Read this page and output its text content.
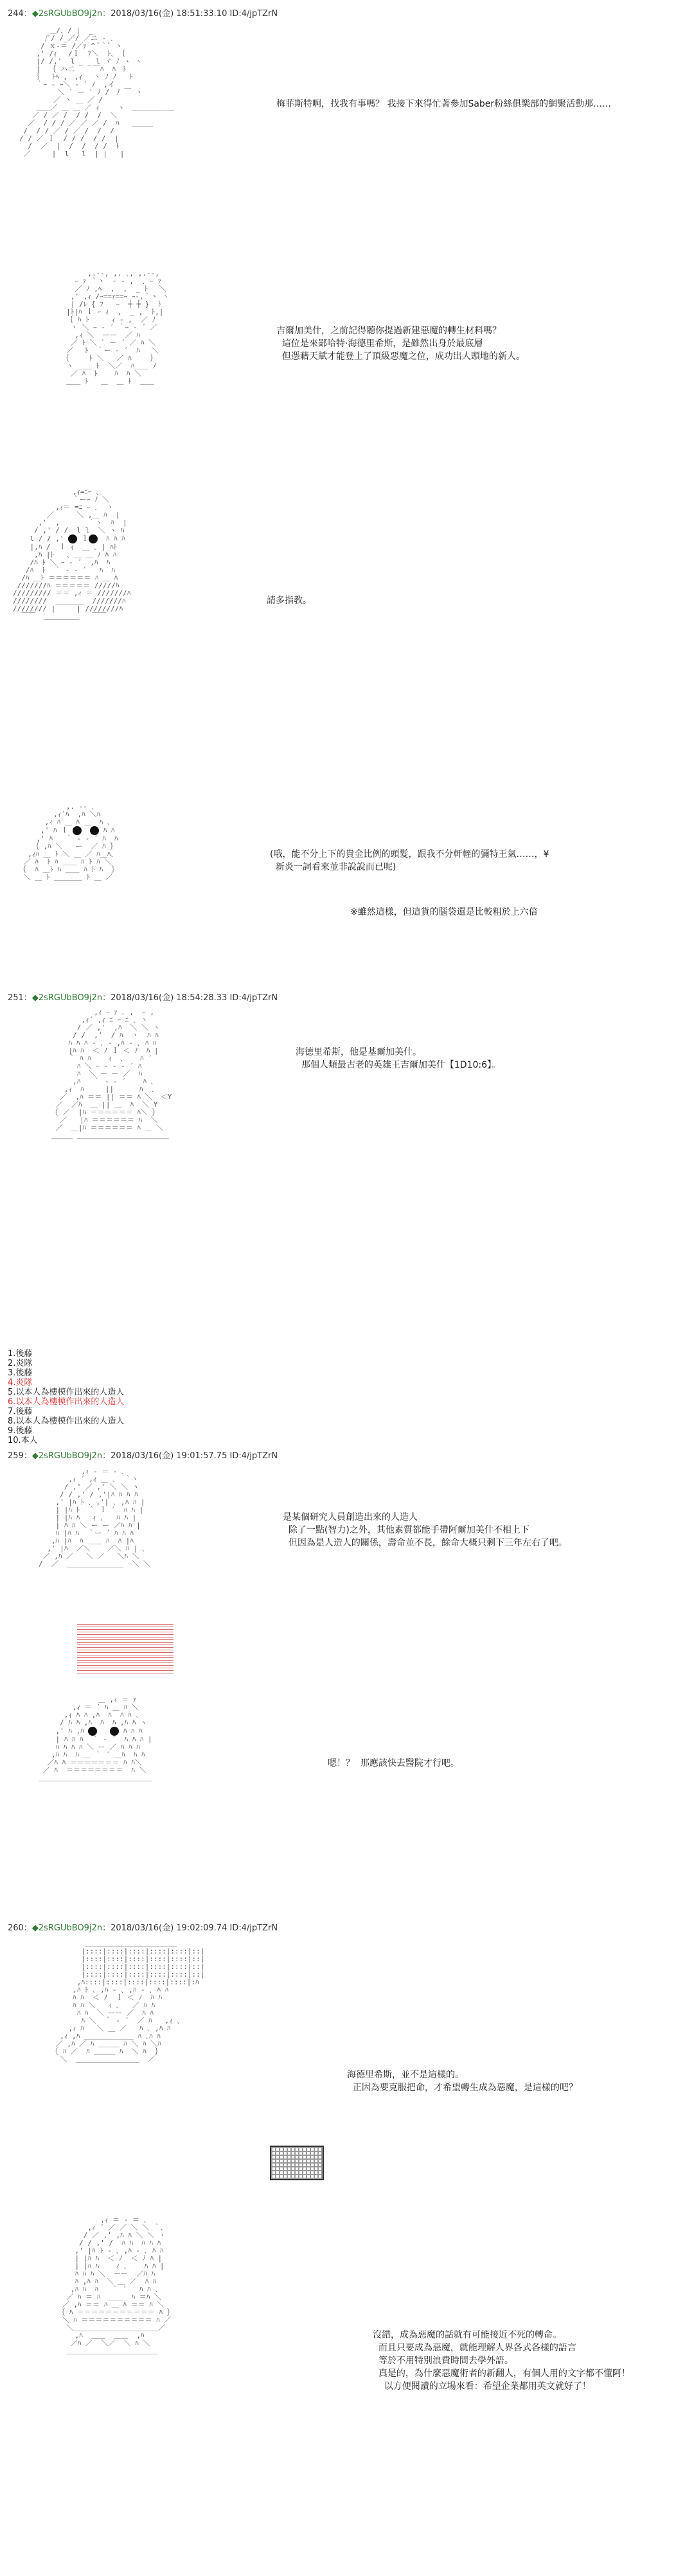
244：◆2sRGUbBO9j2n：2018/03/16(金) 18:51:33.10 ID:4/jpTZrN
＿/、/ |  _
/ﾞ/ /_／/ ／ニ ‐ ､
/ ｘ‐＝ /／ｧ ^ ﾞ｀ﾞ ヽ
,' /ｨ　 /ｌ  ｱ＼  ﾄ､ ｛
|/ /,'  l _ _ l ヾ ﾉ ヽ ヽ
|  ｛ ハ二 　　￣ﾊ  ﾊ　ﾄ
｝  ﾄﾍ ,　,ｨ　 ヽ ﾉ ﾉ   ﾄ
｀ｰ ‐ ｰ＼ ‐ ´ ﾉ  ,イ
＼ ` ー ' ﾉ /　ﾉ ￣ ヽ
／ ヽ ＿ ／ /
＿＿／ ＿ ＿ ／ ｨ　　 ヽ　＿＿＿＿＿＿
／ / ／ /  / /  /  ＼
／  / / / ／ ／ ／ /  ﾊ   ＿＿＿
/  / / ／ / ／ /  /  /
/ / ／ ｌ  / / /  / /  |
/  ／  |  /  /  / /  ﾄ
／     |  l   l  | |   |
梅菲斯特啊，找我有事嗎？ 我接下來得忙著參加Saber粉絲俱樂部的網聚活動那……
,.-‐, ,. ､, ,.-‐,
ｰ ｧ ｀ヽ  ｰ ‐ ,  ､ ｰ ｧ
／ ﾉ ,ﾍ  ,  ,  _ ﾄ　 ＼
,' ,ｨ /ｰ==ｧ==ｰ ｰ-,｀ヽ ヽ
| /ﾚ { ﾌ   ｰ  ┼ ┼ }  ﾄ
|ﾄ|ﾊ ｌ ｰ ｨ  ,  _ ,  ﾄ,|
｛ ﾊ ﾄ　  　ｨ ‐ ,  ／ ﾉ
ヽ ＼ ｰ ‐ ´ ｀ｰ ‐ ´ ／
,ｨ ＼  ーー  ／ ﾊ
／ ﾄ ＼ ` ー ´ ／ ﾊ ＼
／　 ﾄ  ｀ー ‐ ´  ﾊ　 ＼
｛  　 ﾄ ＼   ／ ﾊ　　 ｝
ヽ ＿＿ ﾄ  ＼／  ﾊ＿＿ ﾉ
／ ﾊ  ﾄ    ﾊ  ﾊ ＼
＿＿ ﾄ   ＿  ＿ ﾄ  ＿＿
吉爾加美什，之前記得聽你提過新建惡魔的轉生材料嗎？
這位是來鄙哈特·海德里希斯，是雖然出身於最底層
但憑藉天賦才能登上了頂級惡魔之位，成功出人頭地的新人。
,ｨ=ﾆｰ ､
｀ーｰ ﾉ ＼
,ｨ＝ =ﾆ ｰ ､  ヽ
／ 　　 ＼ ,＿ ﾊ  |
,'  ,  　   ｀ヽ  ﾊ  |
/ ,' / /  l l  ＼ ヽ ﾊ
l / / ,'  ｌ  ﾊ ﾊ ﾊ
|,ﾊ /  ｌ ｨ  ＿ ､ | ﾊﾄ
,ﾊ |ﾄ   ､ ＿ ＿ ﾉ ﾊ ﾊ
/ﾊ ﾄ ＼ ｰ ‐ ´  ,ﾊ  ﾊ
/ﾊ  ﾄ  ｀ ‐ ‐ ´   ﾊ  ﾊ
/ﾊ ＿ﾄ ＝＝＝＝＝＝ ﾊ ＿ ﾊ
///////ﾊ ＝＝＝＝＝ /////ﾊ
///////// ＝＝ ,ｨ ＝ ///////ﾊ
////////  ＿＿＿＿  ///////ﾊ
//////// |　　　| ////////ﾊ
￣￣  ＿＿＿＿＿   ￣￣
請多指教。
,. -‐ ､
,ｨ´ﾊ  ,ﾊ ＼ﾊ
,ｨ ﾊ ＿ ﾊ ＿  ﾊ ､
,' ﾊ ｌ	ﾊ ﾊ
,' ﾊ   ｀ ‐ ‐ ´ ﾊ  ﾊ
｛ ,ﾊ ＼   ー  ／ ﾊ ｝
,ｨﾊ ＿ ﾄ ＼ ＿ ／ ﾊ＿ﾊ､
／ ﾊ  ﾄ ﾊ ＿＿ ﾊ ﾄ ﾊ ＼
｛  ﾊ ＿ﾄ ﾊ ＿＿ ﾊ ﾄ ﾊ  ｝
＼ ＿ ﾄ ＿＿＿＿ ﾄ ＿ ／
(哦，能不分上下的貴金比例的頭髮，跟我不分軒輊的彌特王氣……，¥
新炎一詞看來並非說說而已呢)
※雖然這樣，但這貨的腦袋還是比較粗於上六倍
251：◆2sRGUbBO9j2n：2018/03/16(金) 18:54:28.33 ID:4/jpTZrN
,ｨ ｰ ｧ ､ ,  ｰ ,
,ｨ´ ,ｨ ﾆ ｰ ﾆ ､ ヽ
/ ／ ,'  ,ﾊ  ＼ ＼ ヽ
/ /  ,'  / ﾊ  ヽ  ﾊ ﾊ
ﾊ ﾊ ﾊ ‐ ､ ‐ ,ﾊ ‐ ､ ﾊ ﾊ
|ﾊ ﾊ  ＜ ﾉ ｌ ＜ ﾉ  ﾊ |
｀ ﾊ ﾊ    ｨ  、   ﾊ ´
ﾊ ＼ ｰ ‐ ‐ ‐ ´ ﾊ
ﾊ  ＼ ー ー ／  ﾊ
,ﾊ   ｀ ‐ ‐ ´    ﾊ ､
,ｨ  ﾊ     ||      ﾊ  ､
／  ,ﾊ ＝＝ || ＝＝ ﾊ ＼  ＜Y
／  ／ﾊ  ＿ || ＿  ﾊ  ＼ Y
｛ ／  |ﾊ ＝＝＝＝＝＝ ﾊ＼ ｝
／   |ﾊ ＝＝＝＝＝＝ ﾊ  ＼
／  ＿|ﾊ ＝＝＝＝＝＝ ﾊ ＿ ＼
＿＿＿ ＿＿＿＿＿＿＿＿＿＿＿＿＿
海德里希斯，他是基爾加美什。
那個人類最古老的英雄王吉爾加美什【1D10:6】。
1.後藤
2.炎隊
3.後藤
4.炎隊
5.以本人為樓模作出來的人造人
6.以本人為樓模作出來的人造人
7.後藤
8.以本人為樓模作出來的人造人
9.後藤
10.本人
259：◆2sRGUbBO9j2n：2018/03/16(金) 19:01:57.75 ID:4/jpTZrN
,ｨ ‐ ＝ ‐ ､
,ｨ ´ ,ｨ ＿ ､  ｀ヽ
/ ,' ／ ,' ＼ ＼ ヽ
/ / ,' / ,'|ﾊ ﾊ ﾊ ﾊ
,' |ﾊ ﾄ ､ ,'| ､ ,ﾊ ﾊ |
| |ﾊ ﾄ  ｀ ｌ ´  ﾊ ﾊ |
| |ﾊ ﾊ   ｨ ､   ﾊ ﾊ |
| ﾊ ﾊ ＼ ー ー ／ﾊ ﾊ |
ﾊ |ﾊ ﾊ  ｀ー ´ ﾊ ﾊ ﾊ
,ﾊ |ﾊ  ﾊ ＿＿ ﾊ  ﾊ |ﾊ
,' |ﾊ  ／＼    ／＼ ﾊ | ､
／ ,ﾊ ／   ＼ ／   ＼ﾊ ＼
/  ／  ＿＿＿＿＿＿＿＿  ＼ ＼
是某個研究人員創造出來的人造人
除了一點(智力)之外，其他素質都能手帶阿爾加美什不相上下
但因為是人造人的關係，壽命並不長，餘命大概只剩下三年左右了吧。
＿ ,ｨ ＝ ｧ
,ｨ ＝ ´ ﾊ ＿ ﾊ ＼
,ｨ ﾊ ﾊ ,ﾊ  ﾊ  ﾊ ﾊ ､
/ ﾊ ﾊ ,ﾊ  ﾊ  ﾊ ,ﾊ ﾊ ヽ
,' ﾊ ,ﾊ	ﾊ ﾊ ﾊ
| ﾊ ﾊ ﾊ  ｀ ‐ ´  ﾊ ﾊ ﾊ |
ﾊ ﾊ ﾊ ﾊ ＼ ー ／ ﾊ ﾊ ﾊ
,ﾊ ﾊ  ﾊ ＿ ｀ ´ ＿ﾊ  ﾊ ﾊ
／ﾊ ﾊ ＝＝＝＝＝＝＝ ﾊ ﾊ＼
／ ﾊ  ＝＝＝＝＝＝＝＝  ﾊ ＼
＿＿＿＿＿＿＿＿＿＿＿＿＿＿＿＿
嗯！？  那應該快去醫院才行吧。
260：◆2sRGUbBO9j2n：2018/03/16(金) 19:02:09.74 ID:4/jpTZrN
＿＿＿＿＿＿＿＿＿＿＿＿＿
|::::|::::|::::|::::|::::|::|
|::::|::::|::::|::::|::::|::|
|::::|::::|::::|::::|::::|::|
|::::|::::|::::|::::|::::|::|
,ﾊ::::|::::|::::|::::|::::|:ﾊ
,ﾊ ﾄ ､ ,ﾊ ‐ ､ ,ﾊ ‐ ､ ﾊ ﾊ
ﾊ ﾊ  ＜ ﾉ  ｌ ＜ ﾉ  ﾊ ﾊ
ﾊ ﾊ ＼   ｨ ､   ／ ﾊ ﾊ
ﾊ ﾊ  ＼ ーー ／  ﾊ ﾊ
ﾊ ＼  ｀ ‐ ´  ／ ﾊ   ,ｨ ､
,ｨ ﾊ   ＼ ＿ ／   ﾊ ､ ,ﾊ ﾊ
,ｨ ,ﾊ ＿＿＿＿＿＿＿ ﾊ ､ﾊ ﾊ
／ ,ﾊ ／ ﾊ ＿＿＿ ﾊ ＼ ﾊ ＼ﾊ
｛ ﾊ ／  ﾊ ＿＿＿ ﾊ  ＼ ﾊ  ｝
＼  ＿＿＿＿＿＿＿＿＿  ／
海德里希斯，並不是這樣的。
正因為要克服把命，才希望轉生成為惡魔，是這樣的吧？
,ｨ ＝ ‐ ＝ ､
,ｨ ´ ／ ／ ＼ ＼ ｀､
/ ／ ,' ,ﾊ ﾊ ＼ ＼ ヽ
/ / ,' /  ﾊ ﾊ  ﾊ ﾊ ﾊ
,' |ﾊ ﾄ ‐ ､ ,ﾊ ‐ ､ ﾊ ﾊ
| |ﾊ ﾊ  ＜ ﾉ  ＜ ﾉ ﾊ |
| |ﾊ ﾊ    ｨ ､    ﾊ ﾊ |
ﾊ ﾊ ﾊ ＼  ーー  ／ﾊ ﾊ
ﾊ ,ﾊ ﾊ  ＼ ＿ ／  ﾊ ﾊ
,ﾊ ﾊ  ﾊ   ｀ ´   ﾊ ﾊ ､
／ ﾊ ＝ ﾊ  ＿＿  ﾊ ＝ﾊ ＼
／ ,ﾊ ＝＝ ﾊ ＿ ﾊ ＝＝ ﾊ ＼
｛ ﾊ ＝＝＝＝＝＝＝＝＝＝＝ ﾊ ｝
＼ ﾊ ＝＝＝＝＝＝＝＝＝＝ ﾊ ／
＼＿＿＿＿＿＿＿＿＿＿＿＿／
,ﾊ  ＿＿  ＿＿  ,ﾊ
／ﾊ ／  ＼／  ＼ ﾊ ＼
＿＿＿＿＿＿＿＿＿＿＿＿＿
沒錯，成為惡魔的話就有可能接近不死的轉命。
而且只要成為惡魔，就能理解人界各式各樣的語言
等於不用特別浪費時間去學外語。
真是的，為什麼惡魔術者的新翻人，有個人用的文字都不懂阿！
以方便閱讀的立場來看：希望企業都用英文就好了！
